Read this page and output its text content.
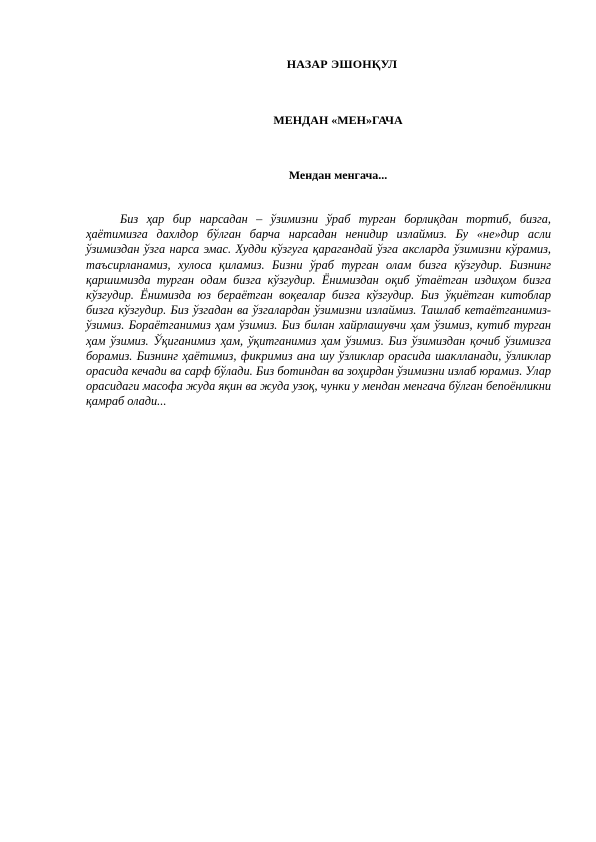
НАЗАР ЭШОНҚУЛ
МЕНДАН «МЕН»ГАЧА
Мендан менгача...

Биз ҳар бир нарсадан – ўзимизни ўраб турган борлиқдан тортиб, бизга, ҳаётимизга дахлдор бўлган барча нарсадан ненидир излаймиз. Бу «не»дир асли ўзимиздан ўзга нарса эмас. Худди кўзгуга қарагандай ўзга аксларда ўзимизни кўрамиз, таъсирланамиз, хулоса қиламиз. Бизни ўраб турган олам бизга кўзгудир. Бизнинг қаршимизда турган одам бизга кўзгудир. Ёнимиздан оқиб ўтаётган издиҳом бизга кўзгудир. Ёнимизда юз бераётган воқеалар бизга кўзгудир. Биз ўқиётган китоблар бизга кўзгудир. Биз ўзгадан ва ўзгалардан ўзимизни излаймиз. Ташлаб кетаётганимиз-ўзимиз. Бораётганимиз ҳам ўзимиз. Биз билан хайрлашувчи ҳам ўзимиз, кутиб турган ҳам ўзимиз. Ўқиганимиз ҳам, ўқитганимиз ҳам ўзимиз. Биз ўзимиздан қочиб ўзимизга борамиз. Бизнинг ҳаётимиз, фикримиз ана шу ўзликлар орасида шаклланади, ўзликлар орасида кечади ва сарф бўлади. Биз ботиндан ва зоҳирдан ўзимизни излаб юрамиз. Улар орасидаги масофа жуда яқин ва жуда узоқ, чунки у мендан менгача бўлган бепоёнликни қамраб олади...
